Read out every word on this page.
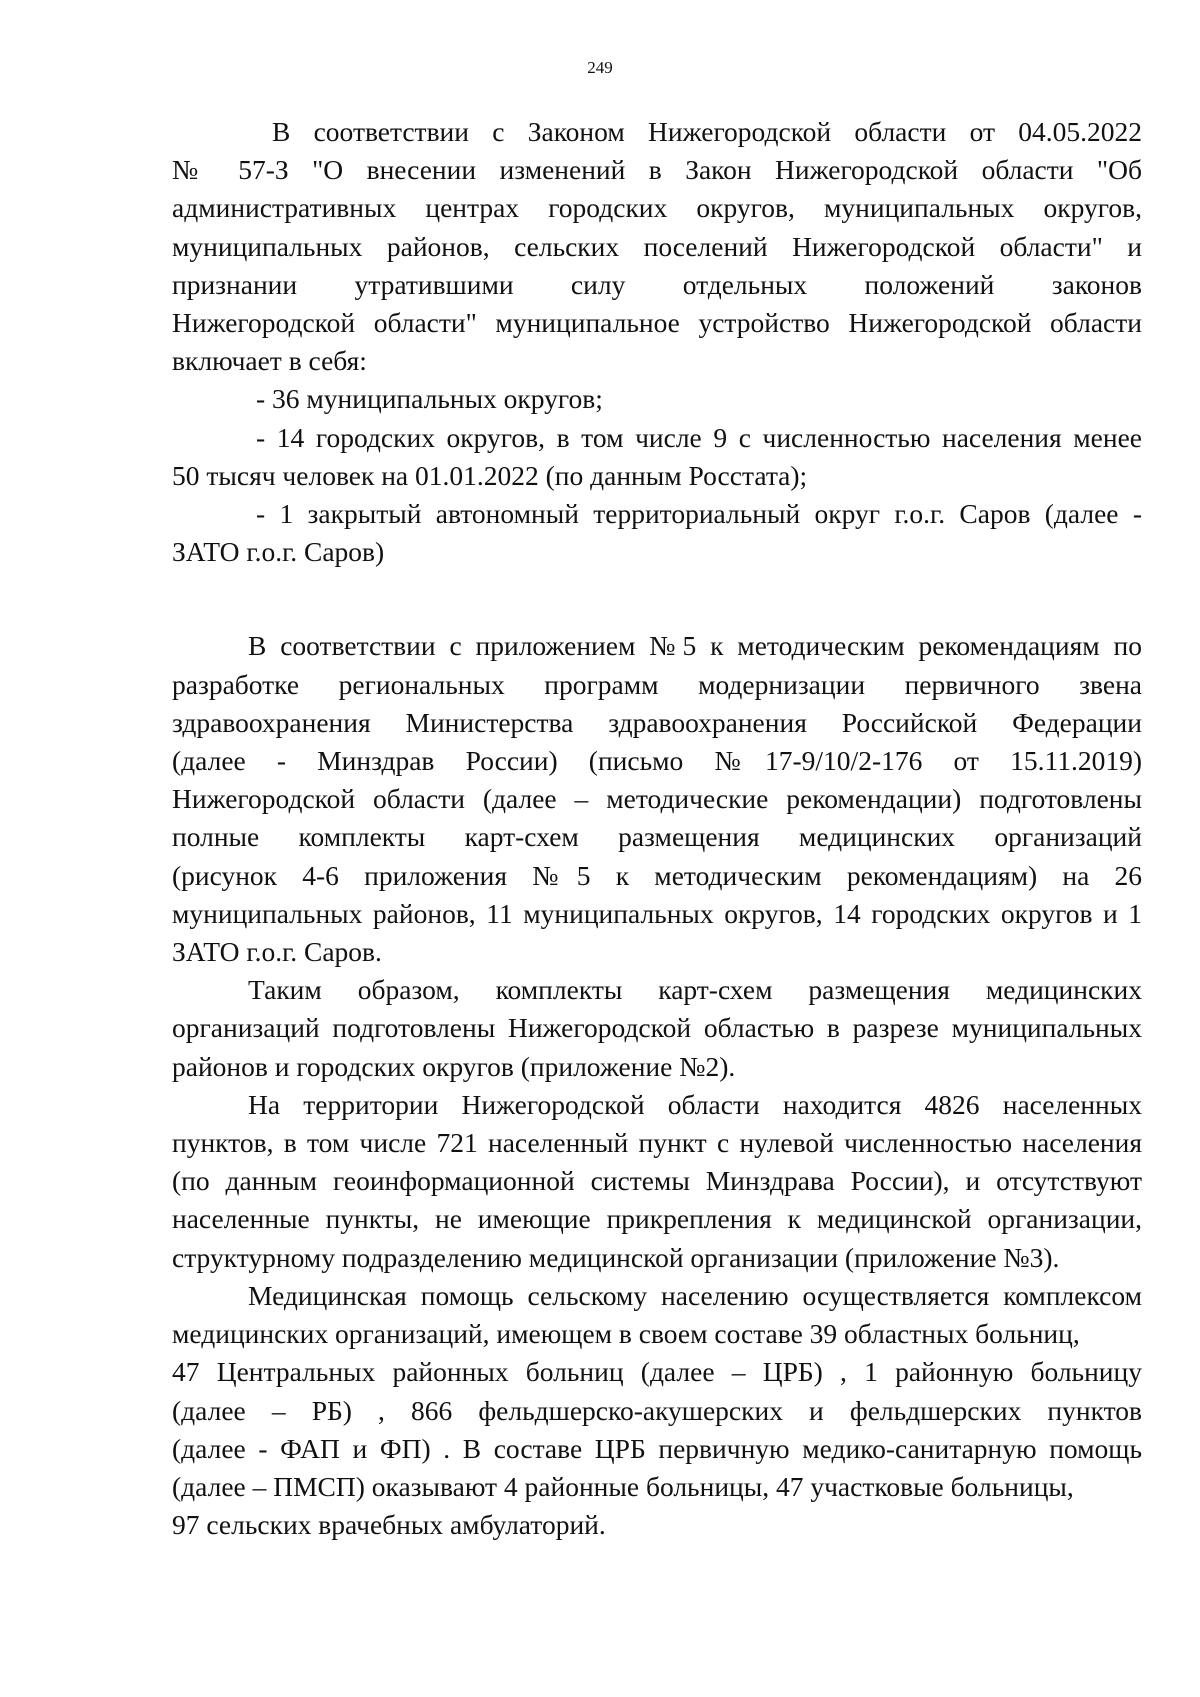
249
В соответствии с Законом Нижегородской области от 04.05.2022
№ 57-З "О внесении изменений в Закон Нижегородской области "Об
административных центрах городских округов, муниципальных округов,
муниципальных районов, сельских поселений Нижегородской области" и
признании утратившими силу отдельных положений законов
Нижегородской области" муниципальное устройство Нижегородской области
включает в себя:
- 36 муниципальных округов;
- 14 городских округов, в том числе 9 с численностью населения менее
50 тысяч человек на 01.01.2022 (по данным Росстата);
- 1 закрытый автономный территориальный округ г.о.г. Саров (далее -
ЗАТО г.о.г. Саров)
В соответствии с приложением №5 к методическим рекомендациям по
разработке региональных программ модернизации первичного звена
здравоохранения Министерства здравоохранения Российской Федерации
(далее - Минздрав России) (письмо №17-9/10/2-176 от 15.11.2019)
Нижегородской области (далее – методические рекомендации) подготовлены
полные комплекты карт-схем размещения медицинских организаций
(рисунок 4-6 приложения №5 к методическим рекомендациям) на 26
муниципальных районов, 11 муниципальных округов, 14 городских округов и 1
ЗАТО г.о.г. Саров.
Таким образом, комплекты карт-схем размещения медицинских
организаций подготовлены Нижегородской областью в разрезе муниципальных
районов и городских округов (приложение №2).
На территории Нижегородской области находится 4826 населенных
пунктов, в том числе 721 населенный пункт с нулевой численностью населения
(по данным геоинформационной системы Минздрава России), и отсутствуют
населенные пункты, не имеющие прикрепления к медицинской организации,
структурному подразделению медицинской организации (приложение №3).
Медицинская помощь сельскому населению осуществляется комплексом
медицинских организаций, имеющем в своем составе 39 областных больниц,
47 Центральных районных больниц (далее – ЦРБ) , 1 районную больницу
(далее – РБ) , 866 фельдшерско-акушерских и фельдшерских пунктов
(далее - ФАП и ФП) . В составе ЦРБ первичную медико-санитарную помощь
(далее – ПМСП) оказывают 4 районные больницы, 47 участковые больницы,
97 сельских врачебных амбулаторий.
